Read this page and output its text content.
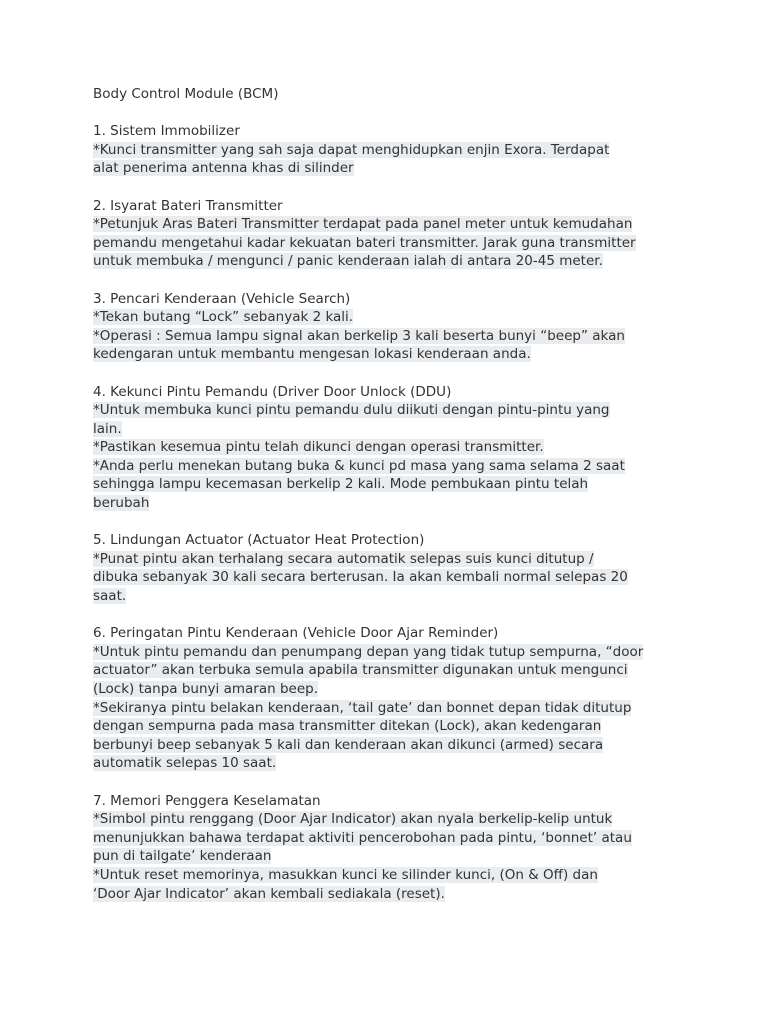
Body Control Module (BCM)
1. Sistem Immobilizer
*Kunci transmitter yang sah saja dapat menghidupkan enjin Exora. Terdapat
alat penerima antenna khas di silinder
2. Isyarat Bateri Transmitter
*Petunjuk Aras Bateri Transmitter terdapat pada panel meter untuk kemudahan
pemandu mengetahui kadar kekuatan bateri transmitter. Jarak guna transmitter
untuk membuka / mengunci / panic kenderaan ialah di antara 20-45 meter.
3. Pencari Kenderaan (Vehicle Search)
*Tekan butang “Lock” sebanyak 2 kali.
*Operasi : Semua lampu signal akan berkelip 3 kali beserta bunyi “beep” akan
kedengaran untuk membantu mengesan lokasi kenderaan anda.
4. Kekunci Pintu Pemandu (Driver Door Unlock (DDU)
*Untuk membuka kunci pintu pemandu dulu diikuti dengan pintu-pintu yang
lain.
*Pastikan kesemua pintu telah dikunci dengan operasi transmitter.
*Anda perlu menekan butang buka & kunci pd masa yang sama selama 2 saat
sehingga lampu kecemasan berkelip 2 kali. Mode pembukaan pintu telah
berubah
5. Lindungan Actuator (Actuator Heat Protection)
*Punat pintu akan terhalang secara automatik selepas suis kunci ditutup /
dibuka sebanyak 30 kali secara berterusan. Ia akan kembali normal selepas 20
saat.
6. Peringatan Pintu Kenderaan (Vehicle Door Ajar Reminder)
*Untuk pintu pemandu dan penumpang depan yang tidak tutup sempurna, “door
actuator” akan terbuka semula apabila transmitter digunakan untuk mengunci
(Lock) tanpa bunyi amaran beep.
*Sekiranya pintu belakan kenderaan, ‘tail gate’ dan bonnet depan tidak ditutup
dengan sempurna pada masa transmitter ditekan (Lock), akan kedengaran
berbunyi beep sebanyak 5 kali dan kenderaan akan dikunci (armed) secara
automatik selepas 10 saat.
7. Memori Penggera Keselamatan
*Simbol pintu renggang (Door Ajar Indicator) akan nyala berkelip-kelip untuk
menunjukkan bahawa terdapat aktiviti pencerobohan pada pintu, ‘bonnet’ atau
pun di tailgate’ kenderaan
*Untuk reset memorinya, masukkan kunci ke silinder kunci, (On & Off) dan
‘Door Ajar Indicator’ akan kembali sediakala (reset).
